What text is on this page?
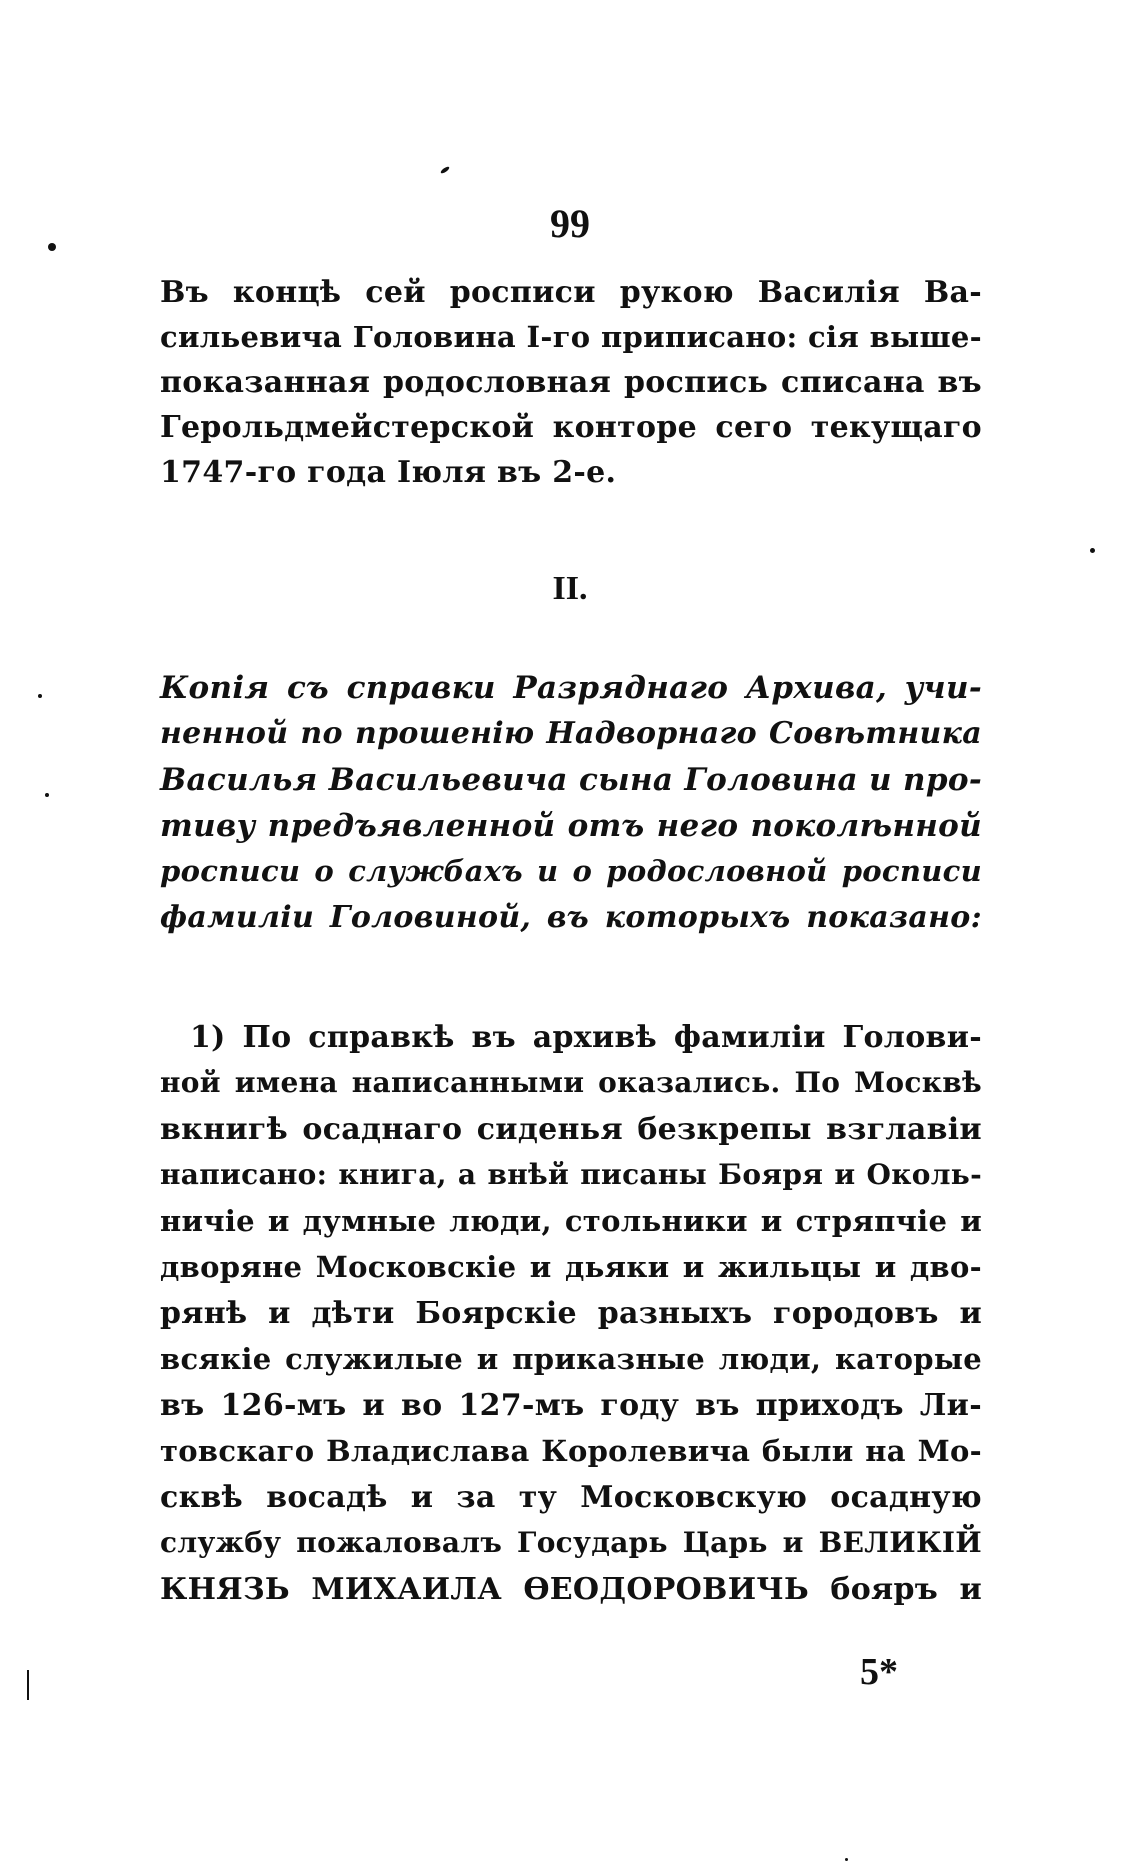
99
Въ концѣ сей росписи рукою Василія Ва-
сильевича Головина І-го приписано: сія выше-
показанная родословная роспись списана въ
Герольдмейстерской конторе сего текущаго
1747-го года Іюля въ 2-е.
II.
Копія съ справки Разряднаго Архива, учи-
ненной по прошенію Надворнаго Совѣтника
Василья Васильевича сына Головина и про-
тиву предъявленной отъ него поколѣнной
росписи о службахъ и о родословной росписи
фамиліи Головиной, въ которыхъ показано:
1) По справкѣ въ архивѣ фамиліи Голови-
ной имена написанными оказались. По Москвѣ
вкнигѣ осаднаго сиденья безкрепы взглавіи
написано: книга, а внѣй писаны Бояря и Околь-
ничіе и думные люди, стольники и стряпчіе и
дворяне Московскіе и дьяки и жильцы и дво-
рянѣ и дѣти Боярскіе разныхъ городовъ и
всякіе служилые и приказные люди, каторые
въ 126-мъ и во 127-мъ году въ приходъ Ли-
товскаго Владислава Королевича были на Мо-
сквѣ восадѣ и за ту Московскую осадную
службу пожаловалъ Государь Царь и ВЕЛИКІЙ
КНЯЗЬ МИХАИЛА ѲЕОДОРОВИЧЬ бояръ и
5*
